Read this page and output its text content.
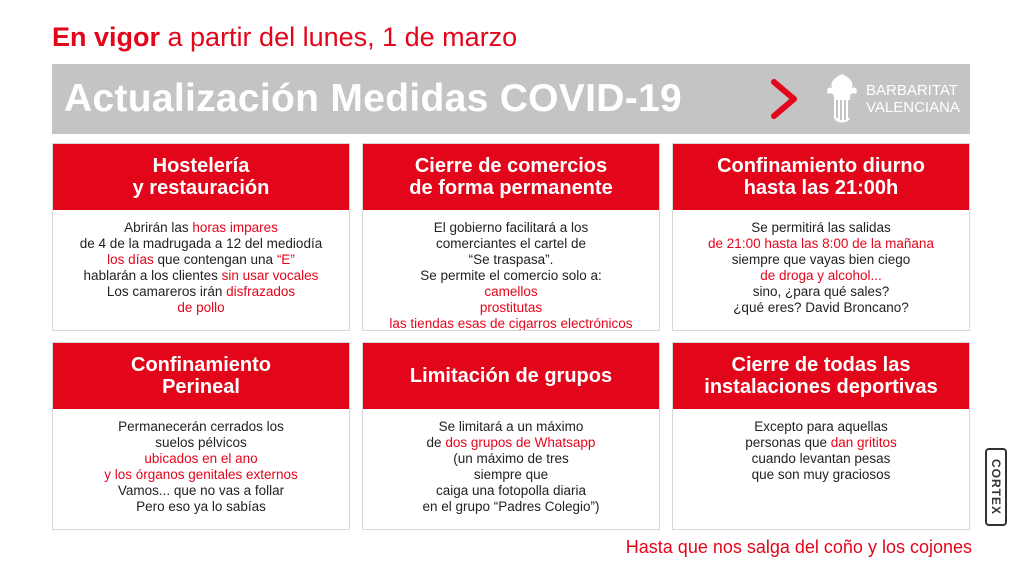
En vigor a partir del lunes, 1 de marzo
Actualización Medidas COVID-19	BARBARITAT
VALENCIANA
Hostelería
y restauración

Abrirán las horas impares

de 4 de la madrugada a 12 del mediodía

los días que contengan una “E”

hablarán a los clientes sin usar vocales

Los camareros irán disfrazados

de pollo

Cierre de comercios
de forma permanente

El gobierno facilitará a los

comerciantes el cartel de

“Se traspasa”.

Se permite el comercio solo a:

camellos

prostitutas

las tiendas esas de cigarros electrónicos

Confinamiento diurno
hasta las 21:00h

Se permitirá las salidas

de 21:00 hasta las 8:00 de la mañana

siempre que vayas bien ciego

de droga y alcohol...

sino, ¿para qué sales?

¿qué eres? David Broncano?

Confinamiento
Perineal

Permanecerán cerrados los

suelos pélvicos

ubicados en el ano

y los órganos genitales externos

Vamos... que no vas a follar

Pero eso ya lo sabías

Limitación de grupos

Se limitará a un máximo

de dos grupos de Whatsapp

(un máximo de tres

siempre que

caiga una fotopolla diaria

en el grupo “Padres Colegio”)

Cierre de todas las
instalaciones deportivas

Excepto para aquellas

personas que dan grititos

cuando levantan pesas

que son muy graciosos

Hasta que nos salga del coño y los cojones
CORTEX
